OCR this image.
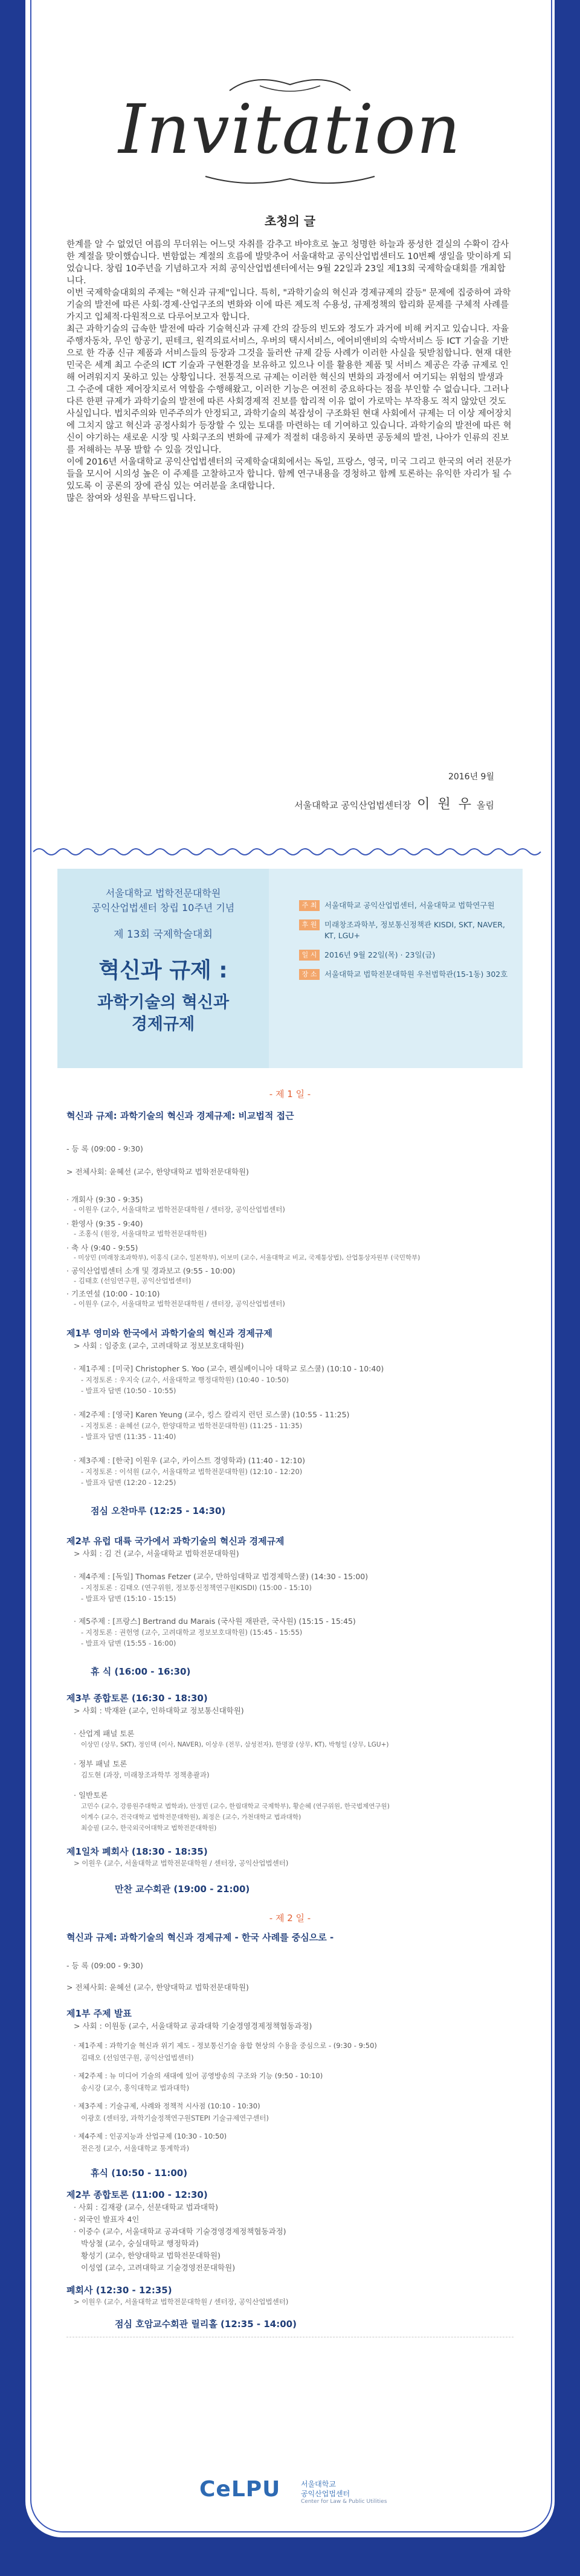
Invitation
초청의 글

한계를 알 수 없었던 여름의 무더위는 어느덧 자취를 감추고 바야흐로 높고 청명한 하늘과 풍성한 결실의 수확이 감사한 계절을 맞이했습니다. 변함없는 계절의 흐름에 발맞추어 서울대학교 공익산업법센터도 10번째 생일을 맞이하게 되었습니다. 창립 10주년을 기념하고자 저희 공익산업법센터에서는 9월 22일과 23일 제13회 국제학술대회를 개최합니다.

이번 국제학술대회의 주제는 "혁신과 규제"입니다. 특히, "과학기술의 혁신과 경제규제의 갈등" 문제에 집중하여 과학기술의 발전에 따른 사회·경제·산업구조의 변화와 이에 따른 제도적 수용성, 규제정책의 합리화 문제를 구체적 사례를 가지고 입체적·다원적으로 다루어보고자 합니다.

최근 과학기술의 급속한 발전에 따라 기술혁신과 규제 간의 갈등의 빈도와 정도가 과거에 비해 커지고 있습니다. 자율주행자동차, 무인 항공기, 핀테크, 원격의료서비스, 우버의 택시서비스, 에어비앤비의 숙박서비스 등 ICT 기술을 기반으로 한 각종 신규 제품과 서비스들의 등장과 그것을 둘러싼 규제 갈등 사례가 이러한 사실을 뒷받침합니다. 현재 대한민국은 세계 최고 수준의 ICT 기술과 구현환경을 보유하고 있으나 이를 활용한 제품 및 서비스 제공은 각종 규제로 인해 어려워지지 못하고 있는 상황입니다. 전통적으로 규제는 이러한 혁신의 변화의 과정에서 여기되는 위험의 발생과 그 수준에 대한 제어장치로서 역할을 수행해왔고, 이러한 기능은 여전히 중요하다는 점을 부인할 수 없습니다. 그러나 다른 한편 규제가 과학기술의 발전에 따른 사회경제적 진보를 합리적 이유 없이 가로막는 부작용도 적지 않았던 것도 사실입니다. 법치주의와 민주주의가 안정되고, 과학기술의 복잡성이 구조화된 현대 사회에서 규제는 더 이상 제어장치에 그치지 않고 혁신과 공정사회가 등장할 수 있는 토대를 마련하는 데 기여하고 있습니다. 과학기술의 발전에 따른 혁신이 야기하는 새로운 시장 및 사회구조의 변화에 규제가 적절히 대응하지 못하면 공동체의 발전, 나아가 인류의 진보를 저해하는 부몽 발할 수 있을 것입니다.

이에 2016년 서울대학교 공익산업법센터의 국제학술대회에서는 독일, 프랑스, 영국, 미국 그리고 한국의 여러 전문가들을 모시어 시의성 높은 이 주제를 고찰하고자 합니다. 함께 연구내용을 경청하고 함께 토론하는 유익한 자리가 될 수 있도록 이 공론의 장에 관심 있는 여러분을 초대합니다.

많은 참여와 성원을 부탁드립니다.

2016년 9월
서울대학교 공익산업법센터장 이 원 우 올림
서울대학교 법학전문대학원
공익산업법센터 창립 10주년 기념
제 13회 국제학술대회
혁신과 규제 :
과학기술의 혁신과
경제규제
주 최	서울대학교 공익산업법센터, 서울대학교 법학연구원
후 원	미래창조과학부, 정보통신정책관 KISDI, SKT, NAVER, KT, LGU+
일 시	2016년 9월 22일(목) · 23일(금)
장 소	서울대학교 법학전문대학원 우천법학관(15-1동) 302호
- 제 1 일 -
혁신과 규제: 과학기술의 혁신과 경제규제: 비교법적 접근
- 등 록 (09:00 - 9:30)
> 전체사회: 윤혜선 (교수, 한양대학교 법학전문대학원)
· 개회사 (9:30 - 9:35)
- 이원우 (교수, 서울대학교 법학전문대학원 / 센터장, 공익산업법센터)
· 환영사 (9:35 - 9:40)
- 조홍식 (원장, 서울대학교 법학전문대학원)
· 축 사 (9:40 - 9:55)
- 미상민 (미래창조과학부), 이홍식 (교수, 일본학부), 이보미 (교수, 서울대학교 비교, 국제통상법), 산업통상자원부 (국민학부)
· 공익산업법센터 소개 및 경과보고 (9:55 - 10:00)
- 김태호 (선임연구원, 공익산업법센터)
· 기조연설 (10:00 - 10:10)
- 이원우 (교수, 서울대학교 법학전문대학원 / 센터장, 공익산업법센터)
제1부 영미와 한국에서 과학기술의 혁신과 경제규제
> 사회 : 임중호 (교수, 고려대학교 정보보호대학원)
· 제1주제 : [미국] Christopher S. Yoo (교수, 펜실베이니아 대학교 로스쿨) (10:10 - 10:40)
- 지정토론 : 우지숙 (교수, 서울대학교 행정대학원) (10:40 - 10:50)
- 발표자 답변 (10:50 - 10:55)
· 제2주제 : [영국] Karen Yeung (교수, 킹스 칼리지 런던 로스쿨) (10:55 - 11:25)
- 지정토론 : 윤혜선 (교수, 한양대학교 법학전문대학원) (11:25 - 11:35)
- 발표자 답변 (11:35 - 11:40)
· 제3주제 : [한국] 이원우 (교수, 카이스트 경영학과) (11:40 - 12:10)
- 지정토론 : 이석원 (교수, 서울대학교 법학전문대학원) (12:10 - 12:20)
- 발표자 답변 (12:20 - 12:25)
점심 오찬마루 (12:25 - 14:30)
제2부 유럽 대륙 국가에서 과학기술의 혁신과 경제규제
> 사회 : 김 건 (교수, 서울대학교 법학전문대학원)
· 제4주제 : [독일] Thomas Fetzer (교수, 만하임대학교 법경제학스쿨) (14:30 - 15:00)
- 지정토론 : 김태오 (연구위원, 정보통신정책연구원KISDI) (15:00 - 15:10)
- 발표자 답변 (15:10 - 15:15)
· 제5주제 : [프랑스] Bertrand du Marais (국사원 재판관, 국사원) (15:15 - 15:45)
- 지정토론 : 권헌영 (교수, 고려대학교 정보보호대학원) (15:45 - 15:55)
- 발표자 답변 (15:55 - 16:00)
휴 식 (16:00 - 16:30)
제3부 종합토론 (16:30 - 18:30)
> 사회 : 박재완 (교수, 인하대학교 정보통신대학원)
· 산업계 패널 토론
이상민 (상무, SKT), 정인택 (이사, NAVER), 이상우 (전무, 삼성전자), 한명잠 (상무, KT), 박형일 (상무, LGU+)
· 정부 패널 토론
김도현 (과장, 미래창조과학부 정책총괄과)
· 일반토론
고민수 (교수, 강릉원주대학교 법학과), 안정민 (교수, 한림대학교 국제학부), 황순혜 (연구위원, 한국법제연구원)
이계수 (교수, 건국대학교 법학전문대학원), 최정은 (교수, 가천대학교 법과대학)
최승필 (교수, 한국외국어대학교 법학전문대학원)
제1일차 폐회사 (18:30 - 18:35)
> 이원우 (교수, 서울대학교 법학전문대학원 / 센터장, 공익산업법센터)
만찬 교수회관 (19:00 - 21:00)
- 제 2 일 -
혁신과 규제: 과학기술의 혁신과 경제규제 - 한국 사례를 중심으로 -
- 등 록 (09:00 - 9:30)
> 전체사회: 윤혜선 (교수, 한양대학교 법학전문대학원)
제1부 주제 발표
> 사회 : 이원동 (교수, 서울대학교 공과대학 기술경영경제정책협동과정)
· 제1주제 : 과학기술 혁신과 위기 제도 - 정보통신기술 융합 현상의 수용을 중심으로 - (9:30 - 9:50)
김태오 (선임연구원, 공익산업법센터)
· 제2주제 : 뉴 미디어 기술의 새대에 있어 공영방송의 구조와 기능 (9:50 - 10:10)
송시강 (교수, 홍익대학교 법과대학)
· 제3주제 : 기술규제, 사례와 정책적 시사점 (10:10 - 10:30)
이광호 (센터장, 과학기술정책연구원STEPI 기술규제연구센터)
· 제4주제 : 인공지능과 산업규제 (10:30 - 10:50)
전은정 (교수, 서울대학교 통계학과)
휴식 (10:50 - 11:00)
제2부 종합토론 (11:00 - 12:30)
· 사회 : 김재광 (교수, 선문대학교 법과대학)
· 외국인 발표자 4인
· 이중수 (교수, 서울대학교 공과대학 기술경영경제정책협동과정)
박상철 (교수, 숭실대학교 행정학과)
황성기 (교수, 한양대학교 법학전문대학원)
이성엽 (교수, 고려대학교 기술경영전문대학원)
폐회사 (12:30 - 12:35)
> 이원우 (교수, 서울대학교 법학전문대학원 / 센터장, 공익산업법센터)
점심 호암교수회관 릴리홀 (12:35 - 14:00)
CeLPU	서울대학교
공익산업법센터
Center for Law & Public Utilities
